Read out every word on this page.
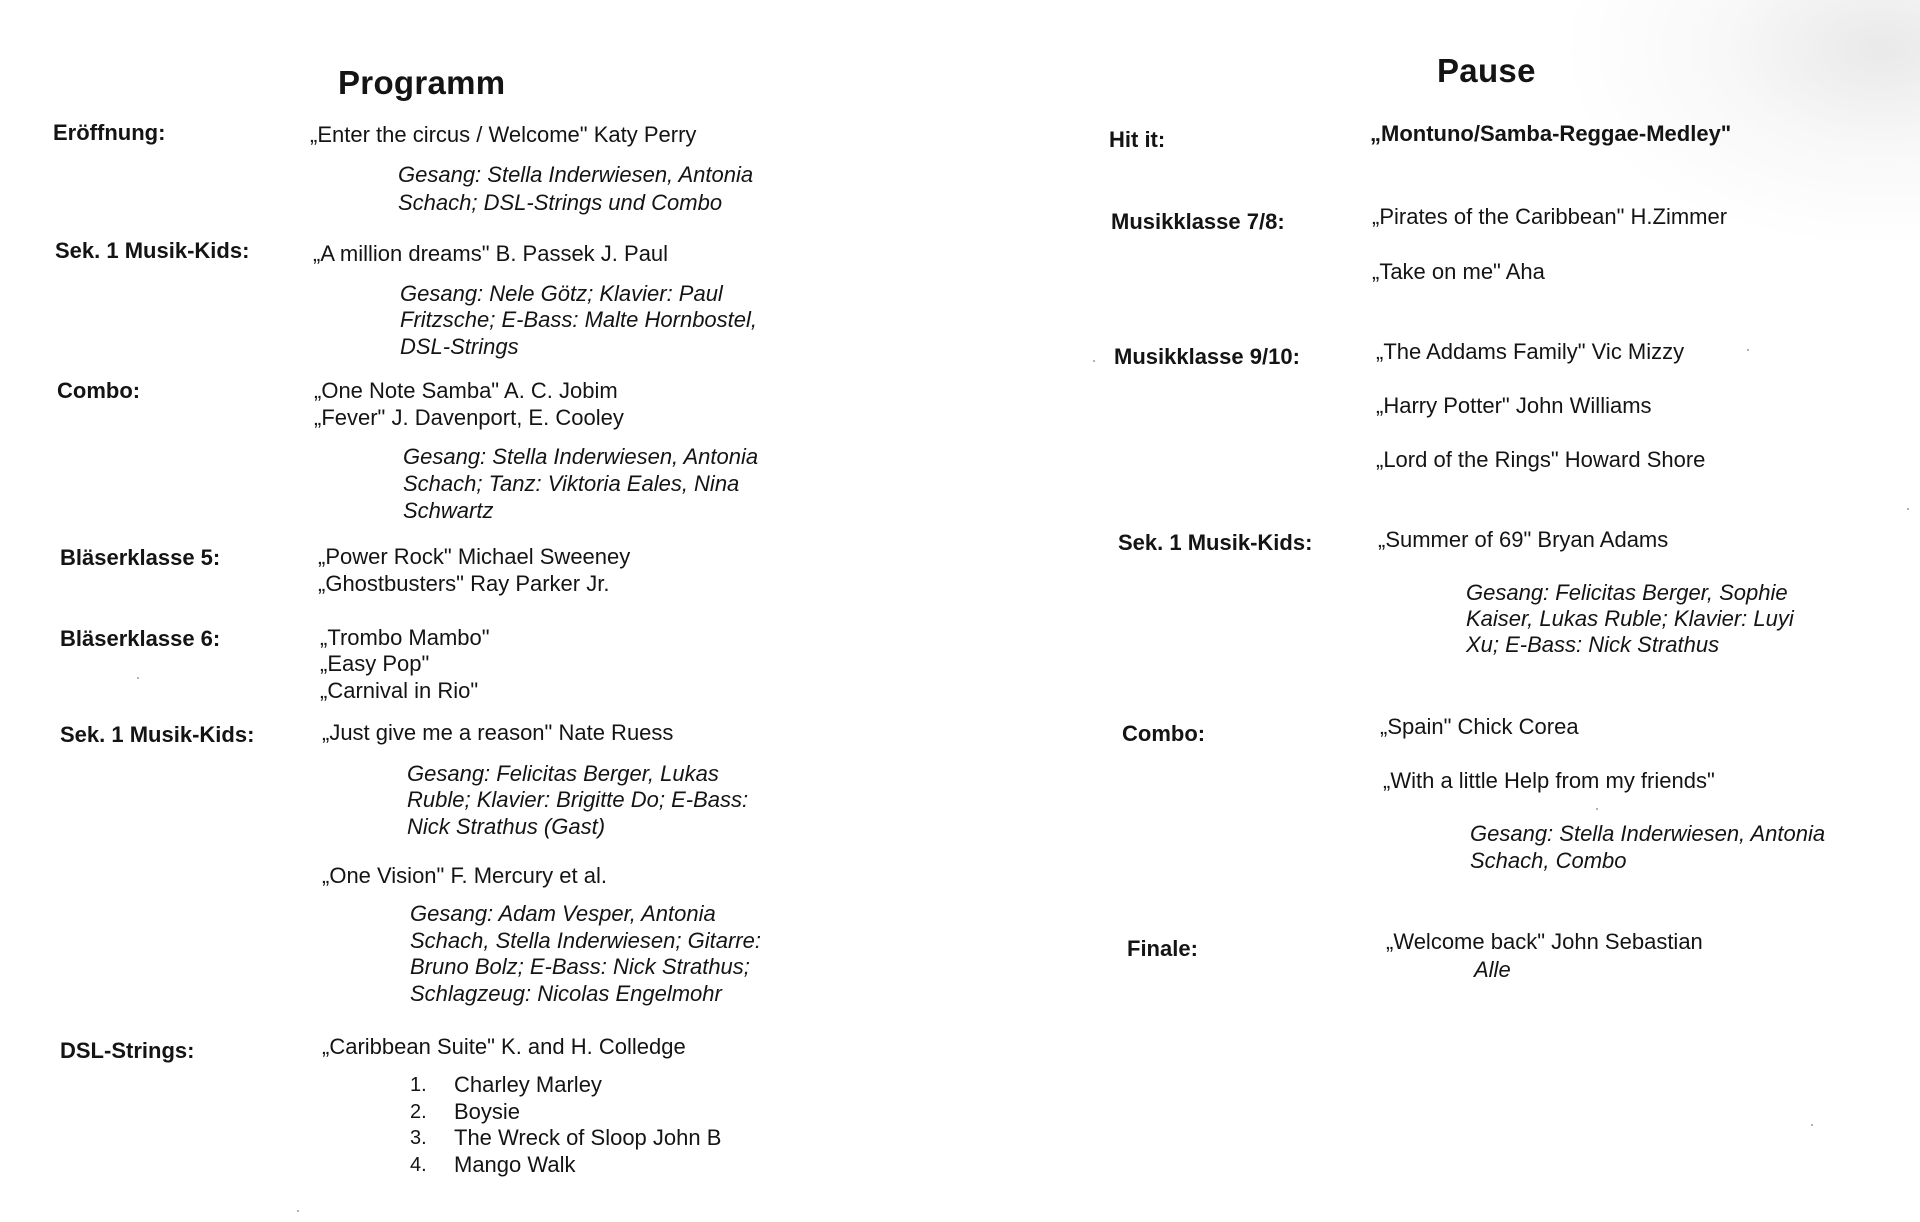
Programm
Eröffnung:	„Enter the circus / Welcome" Katy Perry
Gesang: Stella Inderwiesen, Antonia
Schach; DSL-Strings und Combo
Sek. 1 Musik-Kids:	„A million dreams" B. Passek J. Paul
Gesang: Nele Götz; Klavier: Paul
Fritzsche; E-Bass: Malte Hornbostel,
DSL-Strings
Combo:	„One Note Samba" A. C. Jobim
„Fever" J. Davenport, E. Cooley
Gesang: Stella Inderwiesen, Antonia
Schach; Tanz: Viktoria Eales, Nina
Schwartz
Bläserklasse 5:	„Power Rock" Michael Sweeney
„Ghostbusters" Ray Parker Jr.
Bläserklasse 6:	„Trombo Mambo"
„Easy Pop"
„Carnival in Rio"
Sek. 1 Musik-Kids:	„Just give me a reason" Nate Ruess
Gesang: Felicitas Berger, Lukas
Ruble; Klavier: Brigitte Do; E-Bass:
Nick Strathus (Gast)
„One Vision" F. Mercury et al.
Gesang: Adam Vesper, Antonia
Schach, Stella Inderwiesen; Gitarre:
Bruno Bolz; E-Bass: Nick Strathus;
Schlagzeug: Nicolas Engelmohr
DSL-Strings:	„Caribbean Suite" K. and H. Colledge
1. Charley Marley
2. Boysie
3. The Wreck of Sloop John B
4. Mango Walk
Pause
Hit it:	„Montuno/Samba-Reggae-Medley"
Musikklasse 7/8:	„Pirates of the Caribbean" H.Zimmer
„Take on me" Aha
Musikklasse 9/10:	„The Addams Family" Vic Mizzy
„Harry Potter" John Williams
„Lord of the Rings" Howard Shore
Sek. 1 Musik-Kids:	„Summer of 69" Bryan Adams
Gesang: Felicitas Berger, Sophie
Kaiser, Lukas Ruble; Klavier: Luyi
Xu; E-Bass: Nick Strathus
Combo:	„Spain" Chick Corea
„With a little Help from my friends"
Gesang: Stella Inderwiesen, Antonia
Schach, Combo
Finale:	„Welcome back" John Sebastian
Alle
